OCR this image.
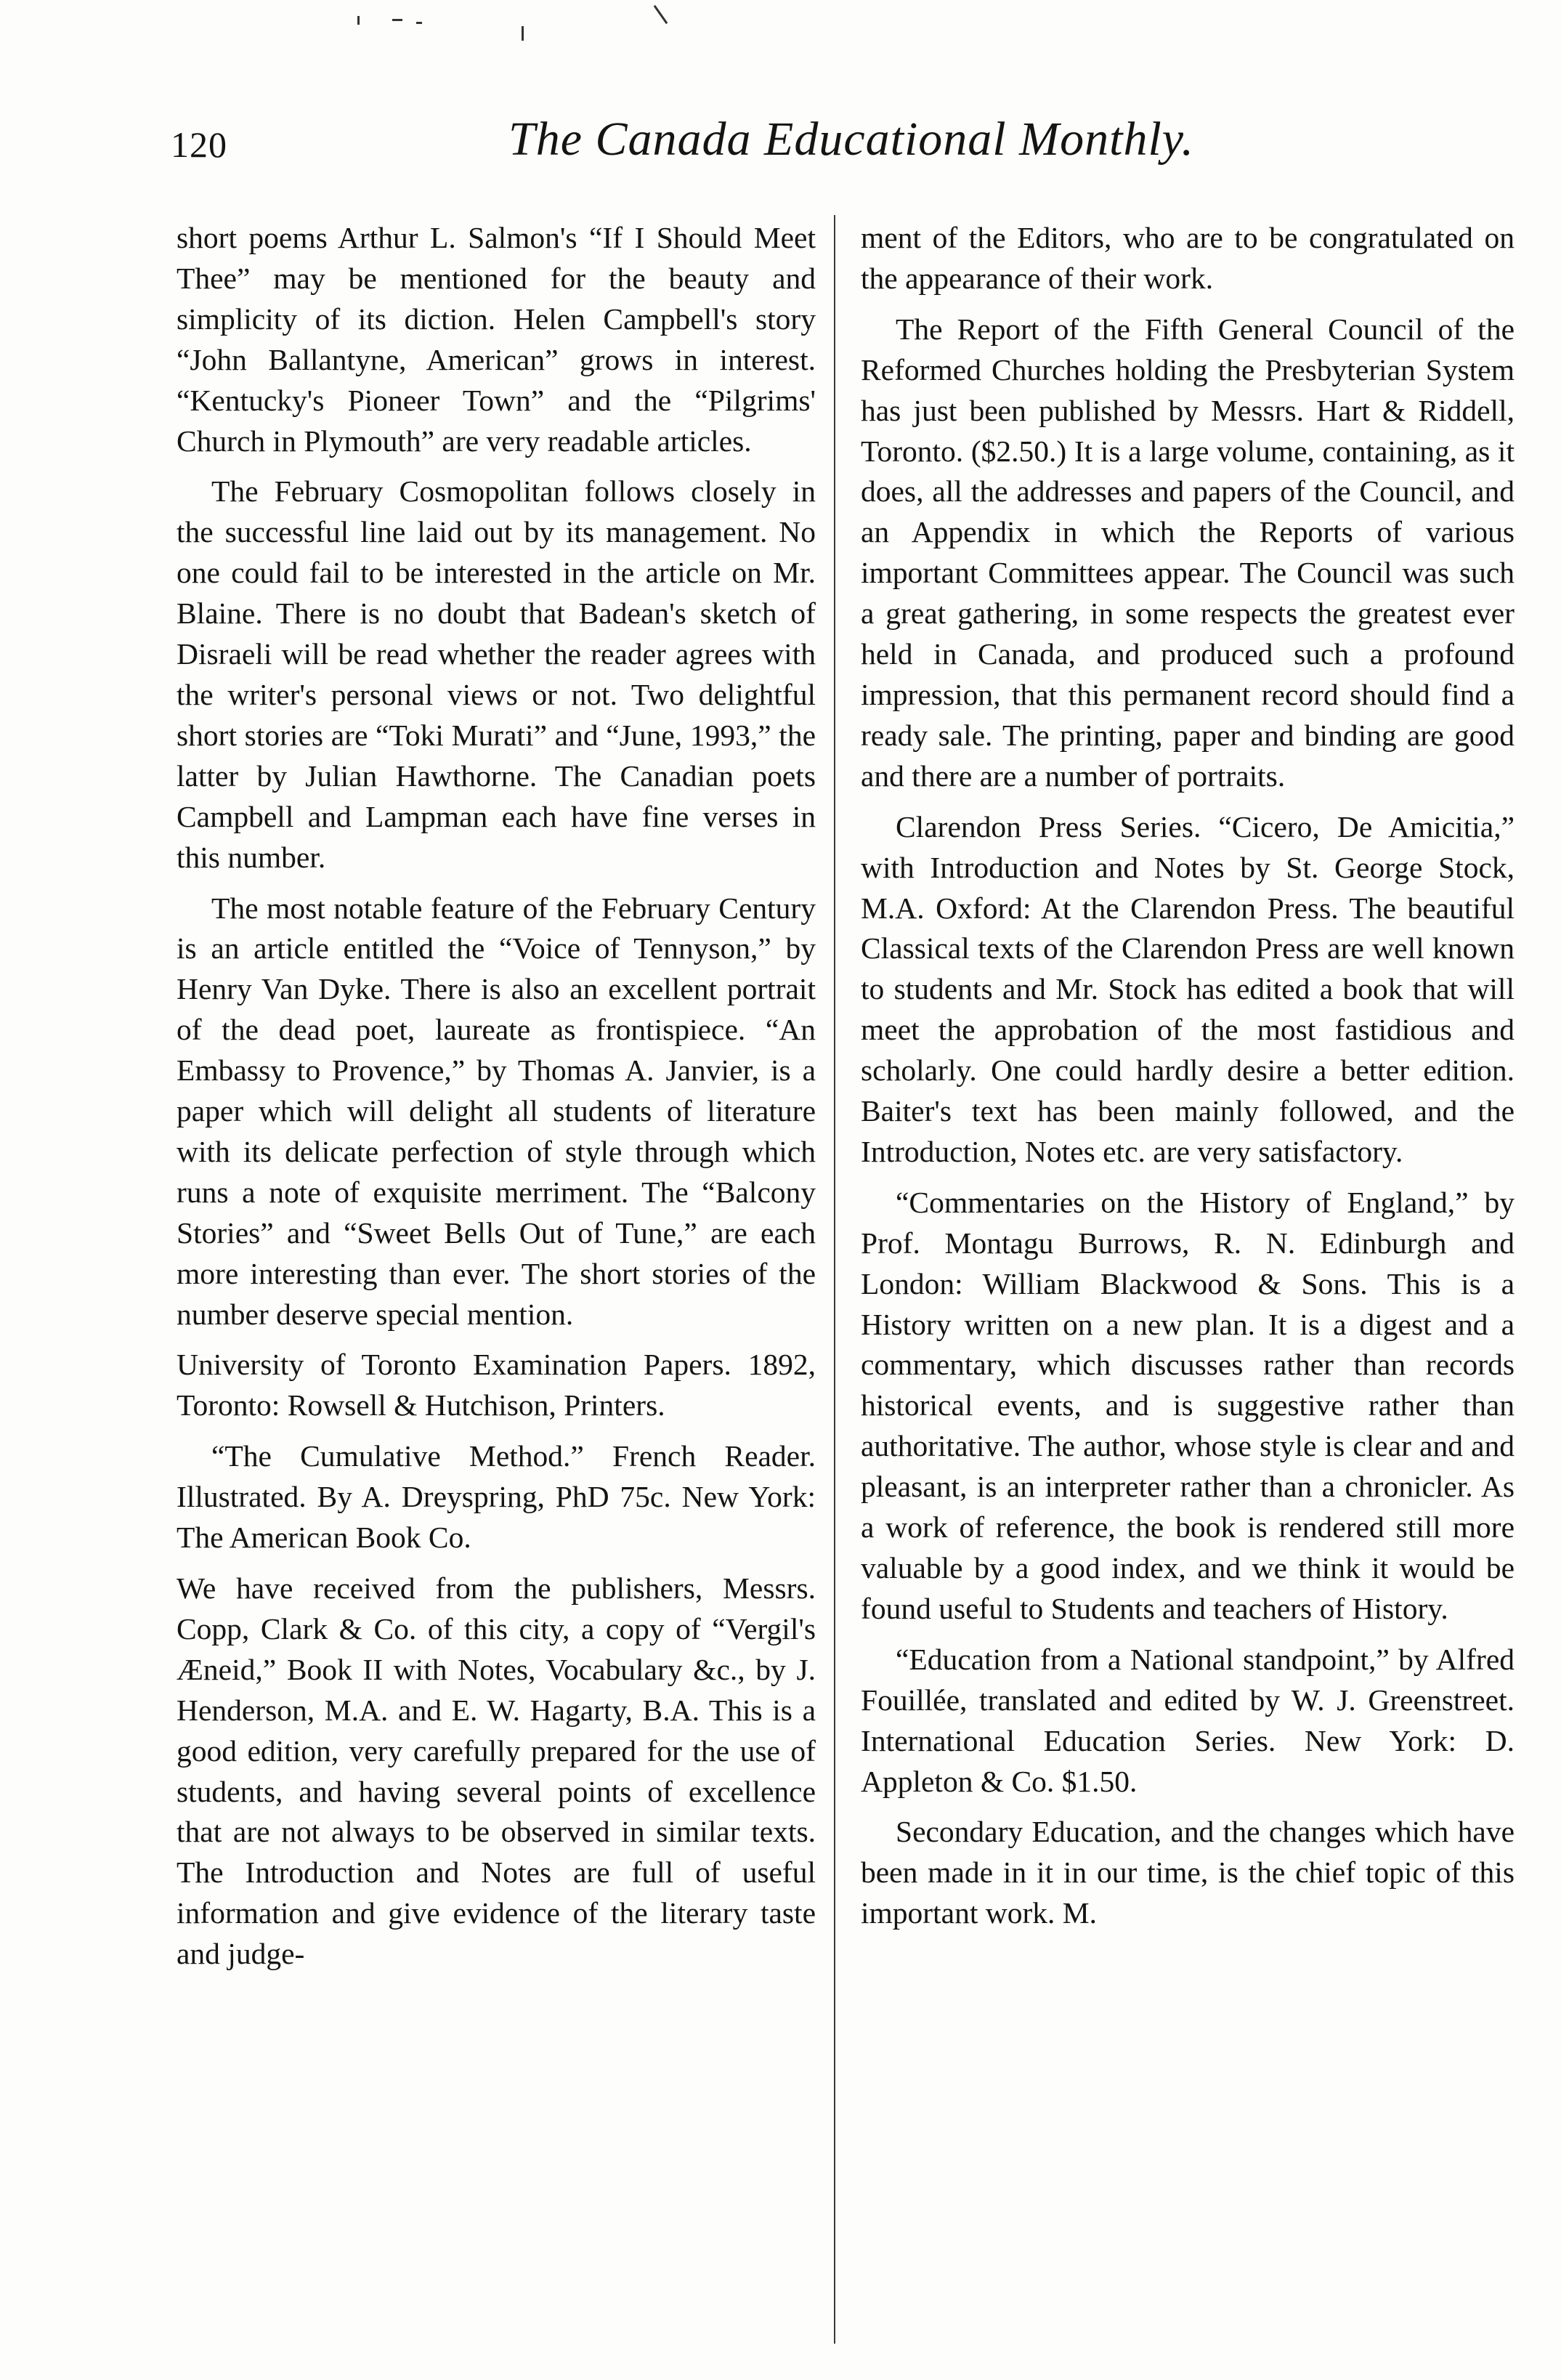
120	The Canada Educational Monthly.

short poems Arthur L. Salmon's “If I Should Meet Thee” may be mentioned for the beauty and simplicity of its diction. Helen Campbell's story “John Ballantyne, American” grows in interest. “Kentucky's Pioneer Town” and the “Pilgrims' Church in Plymouth” are very readable articles.

The February Cosmopolitan follows closely in the successful line laid out by its management. No one could fail to be interested in the article on Mr. Blaine. There is no doubt that Badean's sketch of Disraeli will be read whether the reader agrees with the writer's personal views or not. Two delightful short stories are “Toki Murati” and “June, 1993,” the latter by Julian Hawthorne. The Canadian poets Campbell and Lampman each have fine verses in this number.

The most notable feature of the February Century is an article entitled the “Voice of Tennyson,” by Henry Van Dyke. There is also an excellent portrait of the dead poet, laureate as frontispiece. “An Embassy to Provence,” by Thomas A. Janvier, is a paper which will delight all students of literature with its delicate perfection of style through which runs a note of exquisite merriment. The “Balcony Stories” and “Sweet Bells Out of Tune,” are each more interesting than ever. The short stories of the number deserve special mention.

University of Toronto Examination Papers. 1892, Toronto: Rowsell & Hutchison, Printers.

“The Cumulative Method.” French Reader. Illustrated. By A. Dreyspring, PhD 75c. New York: The American Book Co.

We have received from the publishers, Messrs. Copp, Clark & Co. of this city, a copy of “Vergil's Æneid,” Book II with Notes, Vocabulary &c., by J. Henderson, M.A. and E. W. Hagarty, B.A. This is a good edition, very carefully prepared for the use of students, and having several points of excellence that are not always to be observed in similar texts. The Introduction and Notes are full of useful information and give evidence of the literary taste and judge-

ment of the Editors, who are to be congratulated on the appearance of their work.

The Report of the Fifth General Council of the Reformed Churches holding the Presbyterian System has just been published by Messrs. Hart & Riddell, Toronto. ($2.50.) It is a large volume, containing, as it does, all the addresses and papers of the Council, and an Appendix in which the Reports of various important Committees appear. The Council was such a great gathering, in some respects the greatest ever held in Canada, and produced such a profound impression, that this permanent record should find a ready sale. The printing, paper and binding are good and there are a number of portraits.

Clarendon Press Series. “Cicero, De Amicitia,” with Introduction and Notes by St. George Stock, M.A. Oxford: At the Clarendon Press. The beautiful Classical texts of the Clarendon Press are well known to students and Mr. Stock has edited a book that will meet the approbation of the most fastidious and scholarly. One could hardly desire a better edition. Baiter's text has been mainly followed, and the Introduction, Notes etc. are very satisfactory.

“Commentaries on the History of England,” by Prof. Montagu Burrows, R. N. Edinburgh and London: William Blackwood & Sons. This is a History written on a new plan. It is a digest and a commentary, which discusses rather than records historical events, and is suggestive rather than authoritative. The author, whose style is clear and and pleasant, is an interpreter rather than a chronicler. As a work of reference, the book is rendered still more valuable by a good index, and we think it would be found useful to Students and teachers of History.

“Education from a National standpoint,” by Alfred Fouillée, translated and edited by W. J. Greenstreet. International Education Series. New York: D. Appleton & Co. $1.50.

Secondary Education, and the changes which have been made in it in our time, is the chief topic of this important work. M.
